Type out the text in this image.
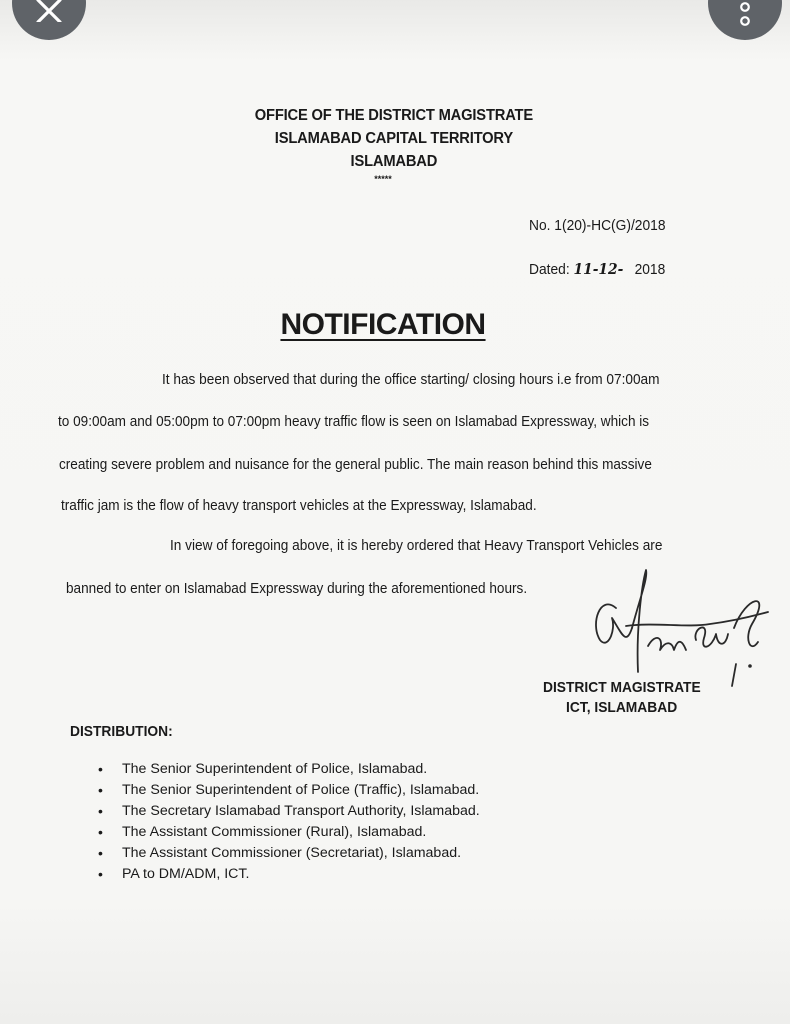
OFFICE OF THE DISTRICT MAGISTRATE
ISLAMABAD CAPITAL TERRITORY
ISLAMABAD
*****
No. 1(20)-HC(G)/2018
Dated: 11-12- 2018
NOTIFICATION
It has been observed that during the office starting/ closing hours i.e from 07:00am
to 09:00am and 05:00pm to 07:00pm heavy traffic flow is seen on Islamabad Expressway, which is
creating severe problem and nuisance for the general public. The main reason behind this massive
traffic jam is the flow of heavy transport vehicles at the Expressway, Islamabad.
In view of foregoing above, it is hereby ordered that Heavy Transport Vehicles are
banned to enter on Islamabad Expressway during the aforementioned hours.
DISTRICT MAGISTRATE
ICT, ISLAMABAD
DISTRIBUTION:
• The Senior Superintendent of Police, Islamabad.
• The Senior Superintendent of Police (Traffic), Islamabad.
• The Secretary Islamabad Transport Authority, Islamabad.
• The Assistant Commissioner (Rural), Islamabad.
• The Assistant Commissioner (Secretariat), Islamabad.
• PA to DM/ADM, ICT.
